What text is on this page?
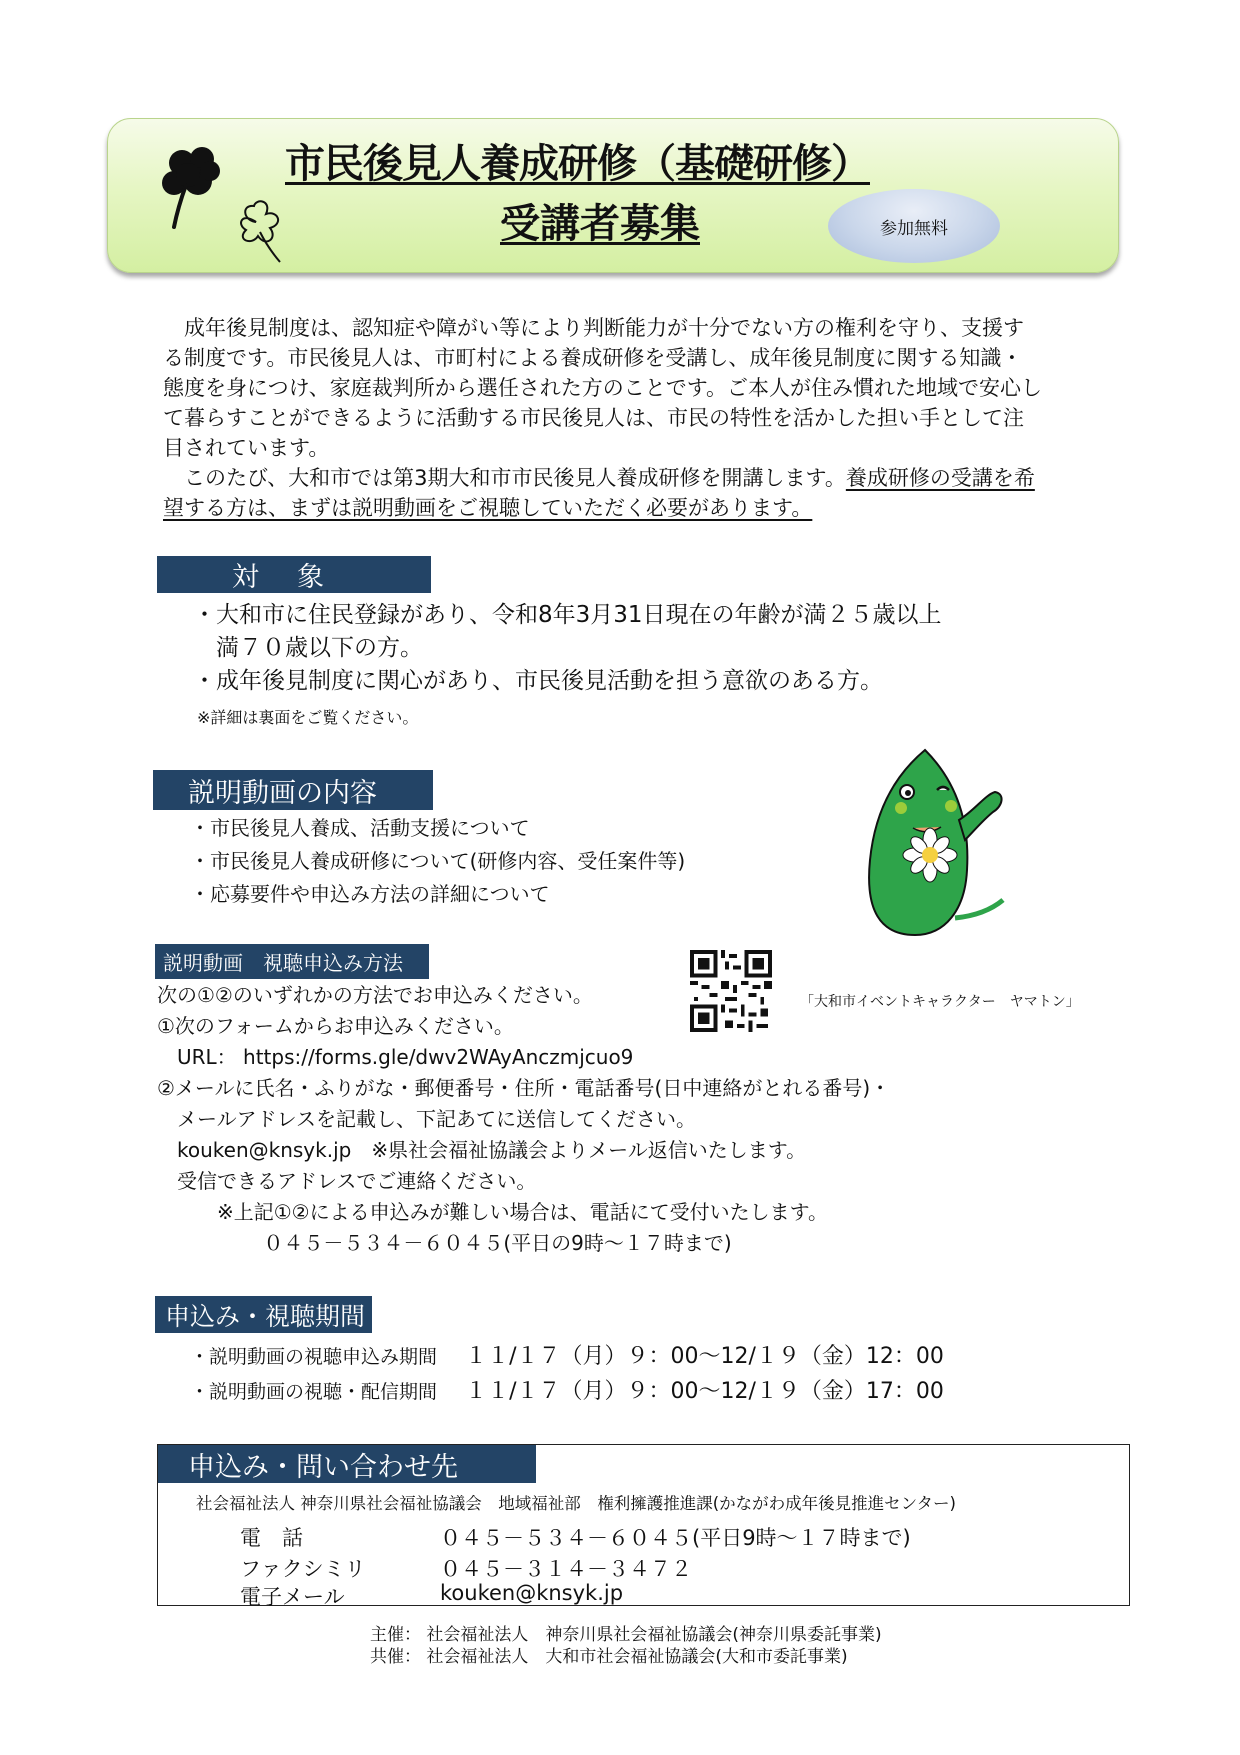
市民後見人養成研修（基礎研修）
受講者募集	参加無料

　成年後見制度は、認知症や障がい等により判断能力が十分でない方の権利を守り、支援する制度です。市民後見人は、市町村による養成研修を受講し、成年後見制度に関する知識・態度を身につけ、家庭裁判所から選任された方のことです。ご本人が住み慣れた地域で安心して暮らすことができるように活動する市民後見人は、市民の特性を活かした担い手として注目されています。

　このたび、大和市では第3期大和市市民後見人養成研修を開講します。養成研修の受講を希望する方は、まずは説明動画をご視聴していただく必要があります。

対象
・大和市に住民登録があり、令和8年3月31日現在の年齢が満２５歳以上
　満７０歳以下の方。
・成年後見制度に関心があり、市民後見活動を担う意欲のある方。
※詳細は裏面をご覧ください。
説明動画の内容
・市民後見人養成、活動支援について
・市民後見人養成研修について(研修内容、受任案件等)
・応募要件や申込み方法の詳細について
説明動画　視聴申込み方法
次の①②のいずれかの方法でお申込みください。
①次のフォームからお申込みください。
　URL： https://forms.gle/dwv2WAyAnczmjcuo9
②メールに氏名・ふりがな・郵便番号・住所・電話番号(日中連絡がとれる番号)・
　メールアドレスを記載し、下記あてに送信してください。
　kouken@knsyk.jp　※県社会福祉協議会よりメール返信いたします。
　受信できるアドレスでご連絡ください。
　　　※上記①②による申込みが難しい場合は、電話にて受付いたします。
　　　　　 ０４５－５３４－６０４５(平日の9時～１７時まで)
「大和市イベントキャラクター　ヤマトン」
申込み・視聴期間
・説明動画の視聴申込み期間 １１/１７（月）９：00～12/１９（金）12：00
・説明動画の視聴・配信期間 １１/１７（月）９：00～12/１９（金）17：00
申込み・問い合わせ先
社会福祉法人 神奈川県社会福祉協議会　地域福祉部　権利擁護推進課(かながわ成年後見推進センター)
電　話	０４５－５３４－６０４５(平日9時～１７時まで)
ファクシミリ	０４５－３１４－３４７２
電子メール	kouken@knsyk.jp
主催： 社会福祉法人　神奈川県社会福祉協議会(神奈川県委託事業)
共催： 社会福祉法人　大和市社会福祉協議会(大和市委託事業)
